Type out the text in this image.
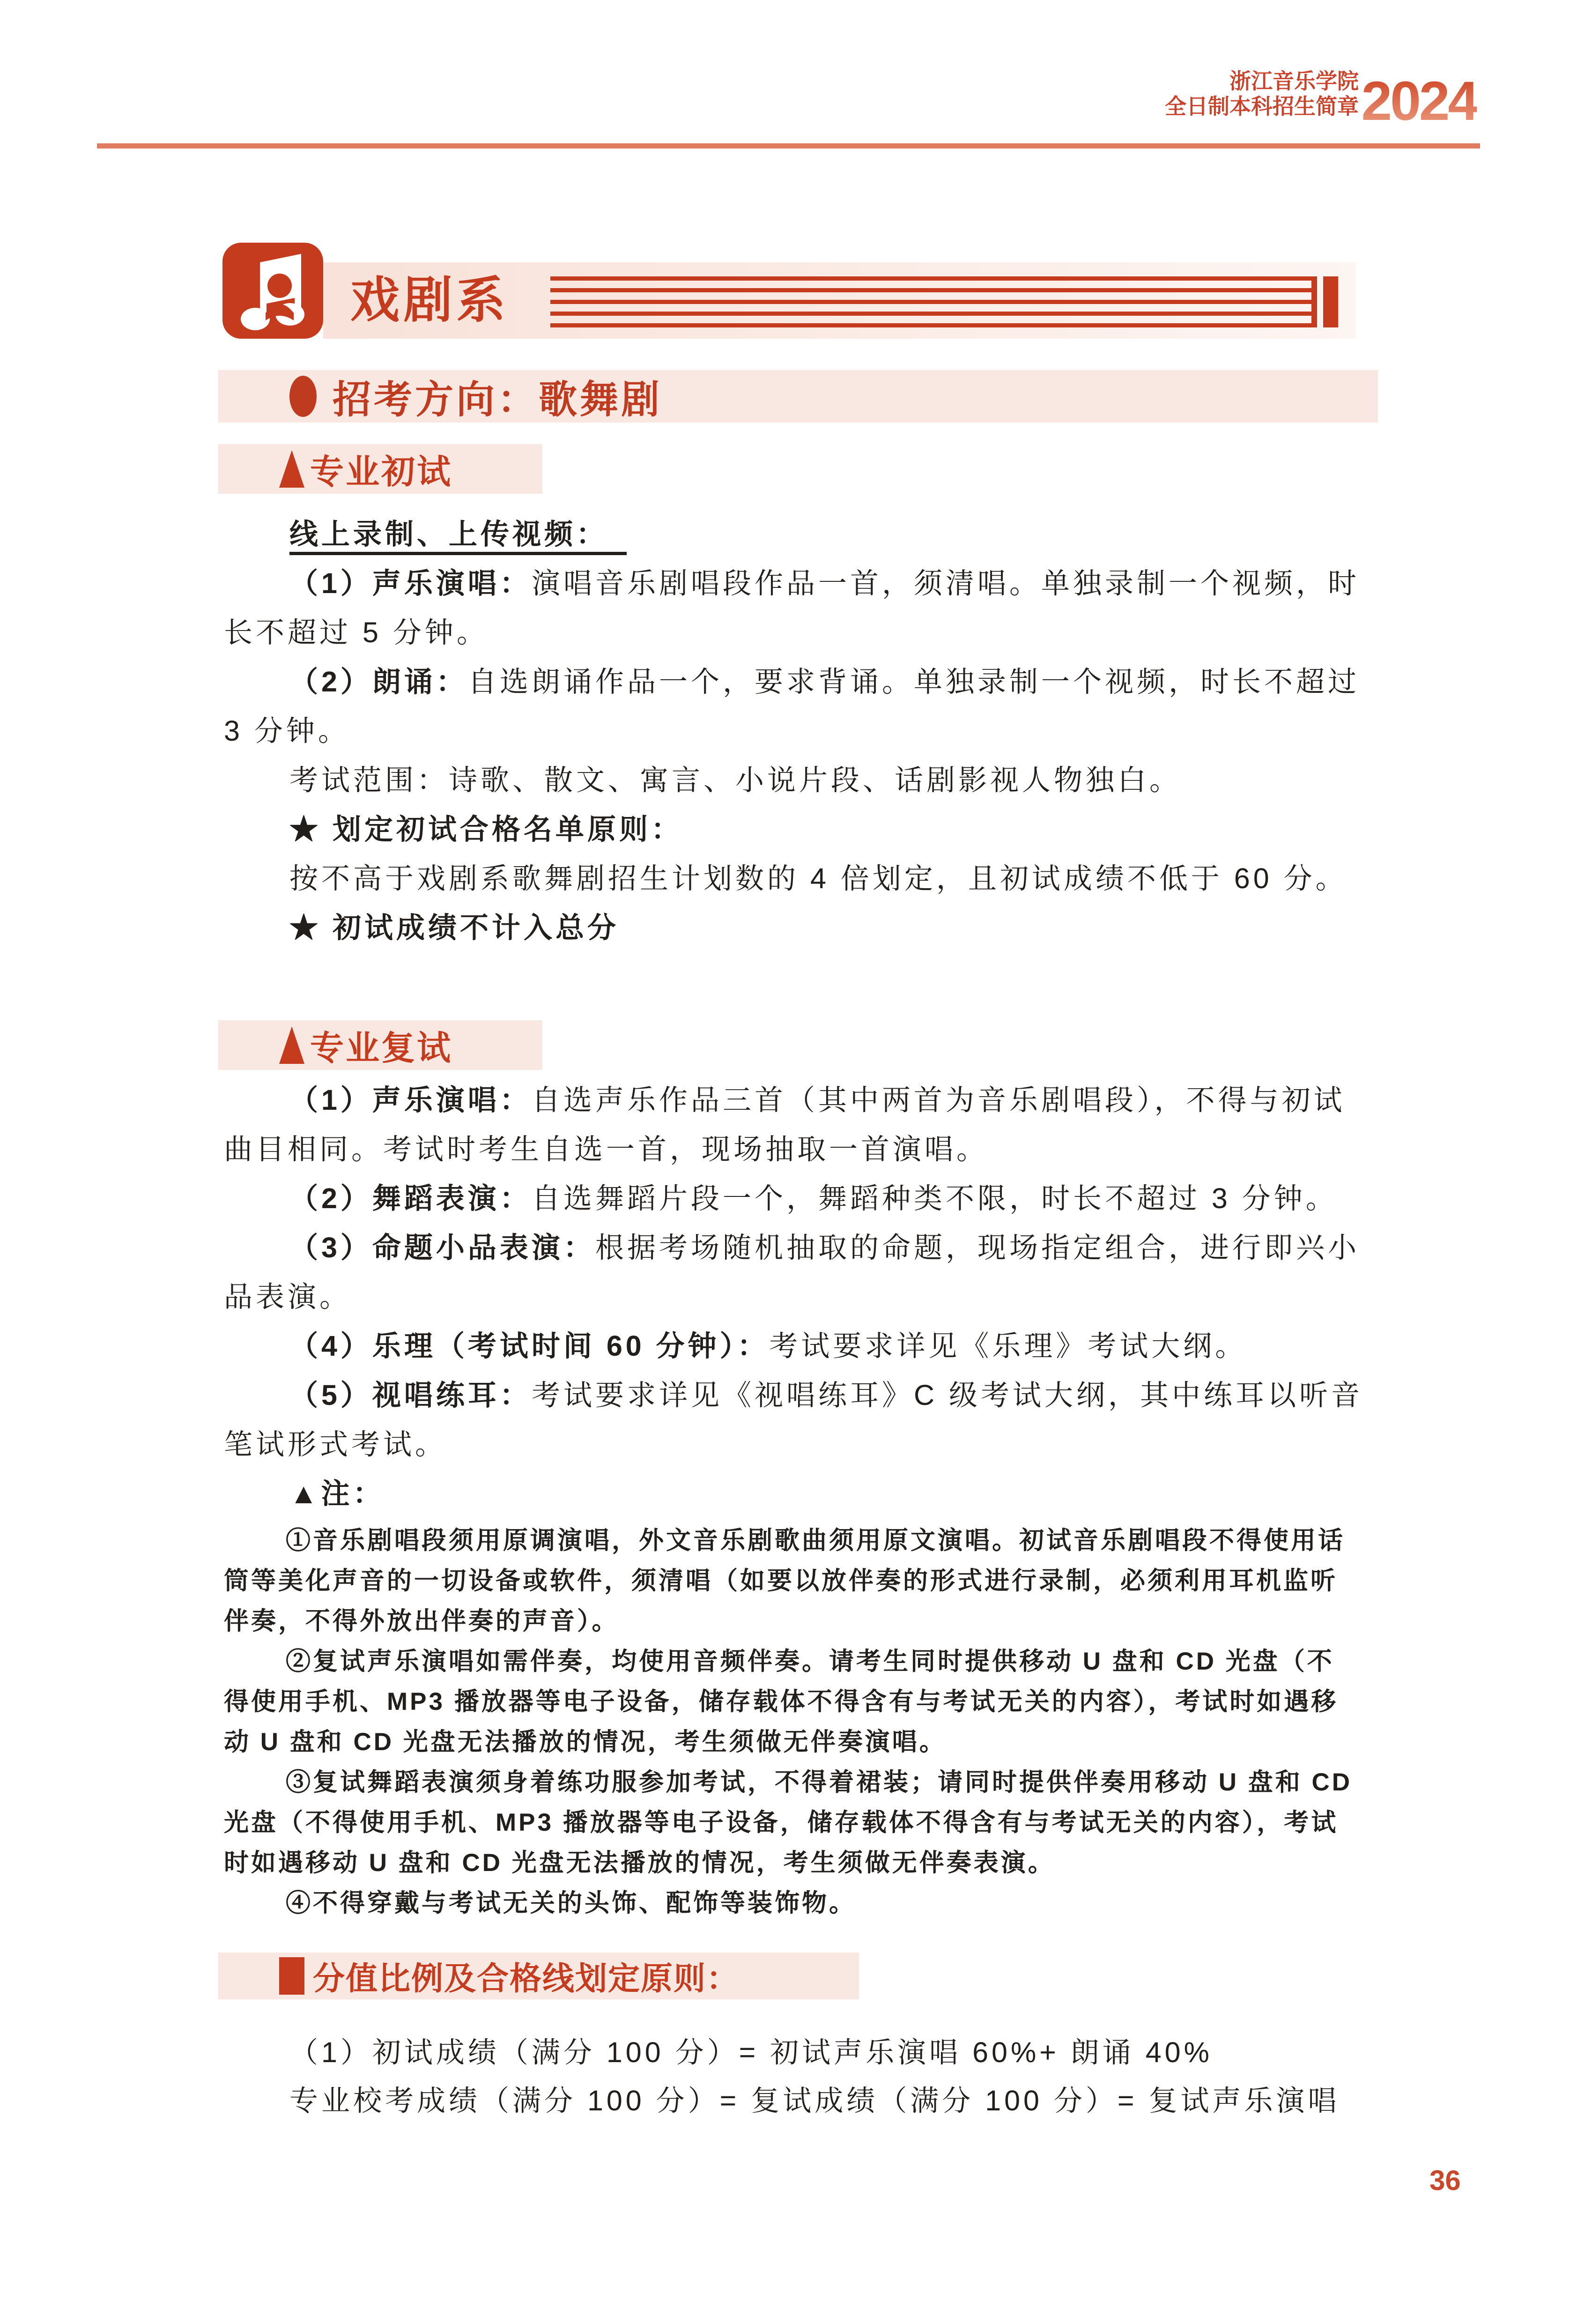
浙江音乐学院
全日制本科招生简章 2024
戏剧系
招考方向：歌舞剧
专业初试
线上录制、上传视频：
（1）声乐演唱：演唱音乐剧唱段作品一首，须清唱。单独录制一个视频，时
长不超过 5 分钟。
（2）朗诵：自选朗诵作品一个，要求背诵。单独录制一个视频，时长不超过
3 分钟。
考试范围：诗歌、散文、寓言、小说片段、话剧影视人物独白。
★ 划定初试合格名单原则：
按不高于戏剧系歌舞剧招生计划数的 4 倍划定，且初试成绩不低于 60 分。
★ 初试成绩不计入总分
专业复试
（1）声乐演唱：自选声乐作品三首（其中两首为音乐剧唱段），不得与初试
曲目相同。考试时考生自选一首，现场抽取一首演唱。
（2）舞蹈表演：自选舞蹈片段一个，舞蹈种类不限，时长不超过 3 分钟。
（3）命题小品表演：根据考场随机抽取的命题，现场指定组合，进行即兴小
品表演。
（4）乐理（考试时间 60 分钟）：考试要求详见《乐理》考试大纲。
（5）视唱练耳：考试要求详见《视唱练耳》C 级考试大纲，其中练耳以听音
笔试形式考试。
▲注：
①音乐剧唱段须用原调演唱，外文音乐剧歌曲须用原文演唱。初试音乐剧唱段不得使用话
筒等美化声音的一切设备或软件，须清唱（如要以放伴奏的形式进行录制，必须利用耳机监听
伴奏，不得外放出伴奏的声音）。
②复试声乐演唱如需伴奏，均使用音频伴奏。请考生同时提供移动 U 盘和 CD 光盘（不
得使用手机、MP3 播放器等电子设备，储存载体不得含有与考试无关的内容），考试时如遇移
动 U 盘和 CD 光盘无法播放的情况，考生须做无伴奏演唱。
③复试舞蹈表演须身着练功服参加考试，不得着裙装；请同时提供伴奏用移动 U 盘和 CD
光盘（不得使用手机、MP3 播放器等电子设备，储存载体不得含有与考试无关的内容），考试
时如遇移动 U 盘和 CD 光盘无法播放的情况，考生须做无伴奏表演。
④不得穿戴与考试无关的头饰、配饰等装饰物。
分值比例及合格线划定原则：
（1）初试成绩（满分 100 分）= 初试声乐演唱 60%+ 朗诵 40%
专业校考成绩（满分 100 分）= 复试成绩（满分 100 分）= 复试声乐演唱
36
